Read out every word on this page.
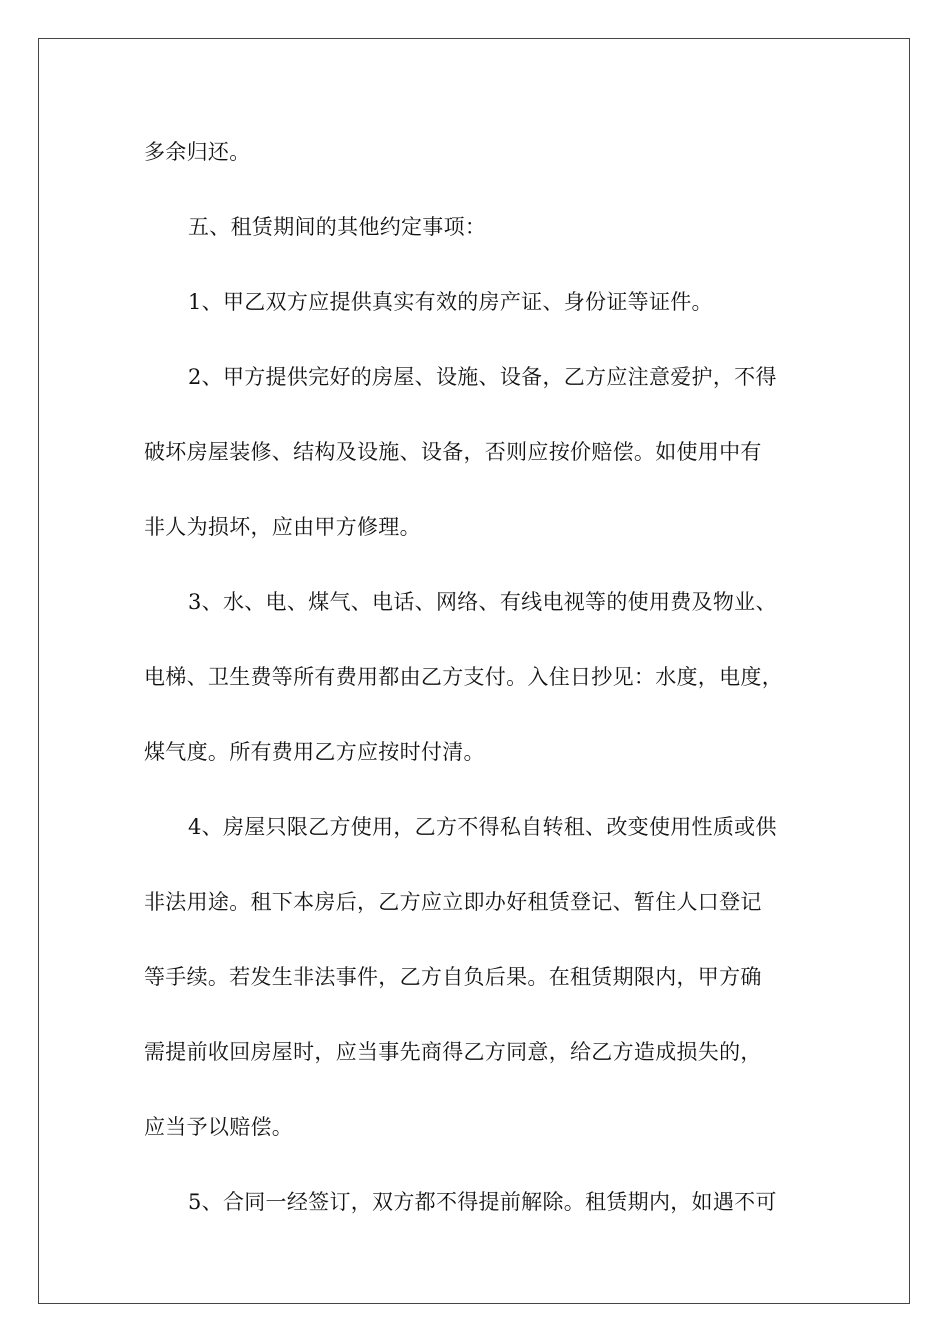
多余归还。
五、租赁期间的其他约定事项：
1、甲乙双方应提供真实有效的房产证、身份证等证件。
2、甲方提供完好的房屋、设施、设备，乙方应注意爱护，不得
破坏房屋装修、结构及设施、设备，否则应按价赔偿。如使用中有
非人为损坏，应由甲方修理。
3、水、电、煤气、电话、网络、有线电视等的使用费及物业、
电梯、卫生费等所有费用都由乙方支付。入住日抄见：水度，电度，
煤气度。所有费用乙方应按时付清。
4、房屋只限乙方使用，乙方不得私自转租、改变使用性质或供
非法用途。租下本房后，乙方应立即办好租赁登记、暂住人口登记
等手续。若发生非法事件，乙方自负后果。在租赁期限内，甲方确
需提前收回房屋时，应当事先商得乙方同意，给乙方造成损失的，
应当予以赔偿。
5、合同一经签订，双方都不得提前解除。租赁期内，如遇不可
